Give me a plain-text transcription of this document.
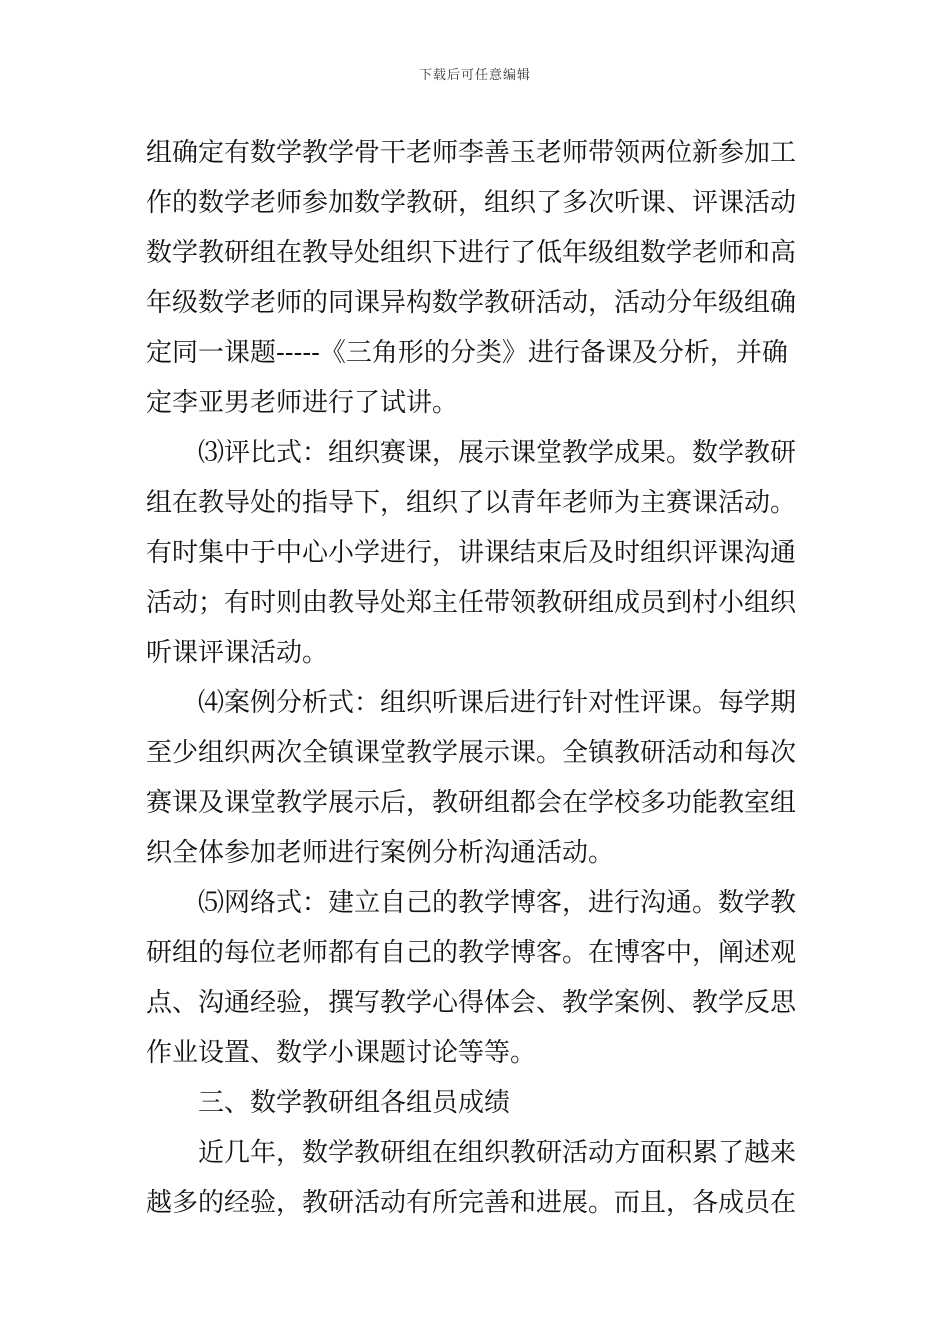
下载后可任意编辑
组确定有数学教学骨干老师李善玉老师带领两位新参加工
作的数学老师参加数学教研，组织了多次听课、评课活动
数学教研组在教导处组织下进行了低年级组数学老师和高
年级数学老师的同课异构数学教研活动，活动分年级组确
定同一课题-----《三角形的分类》进行备课及分析，并确
定李亚男老师进行了试讲。
⑶评比式：组织赛课，展示课堂教学成果。数学教研
组在教导处的指导下，组织了以青年老师为主赛课活动。
有时集中于中心小学进行，讲课结束后及时组织评课沟通
活动；有时则由教导处郑主任带领教研组成员到村小组织
听课评课活动。
⑷案例分析式：组织听课后进行针对性评课。每学期
至少组织两次全镇课堂教学展示课。全镇教研活动和每次
赛课及课堂教学展示后，教研组都会在学校多功能教室组
织全体参加老师进行案例分析沟通活动。
⑸网络式：建立自己的教学博客，进行沟通。数学教
研组的每位老师都有自己的教学博客。在博客中，阐述观
点、沟通经验，撰写教学心得体会、教学案例、教学反思
作业设置、数学小课题讨论等等。
三、数学教研组各组员成绩
近几年，数学教研组在组织教研活动方面积累了越来
越多的经验，教研活动有所完善和进展。而且，各成员在
